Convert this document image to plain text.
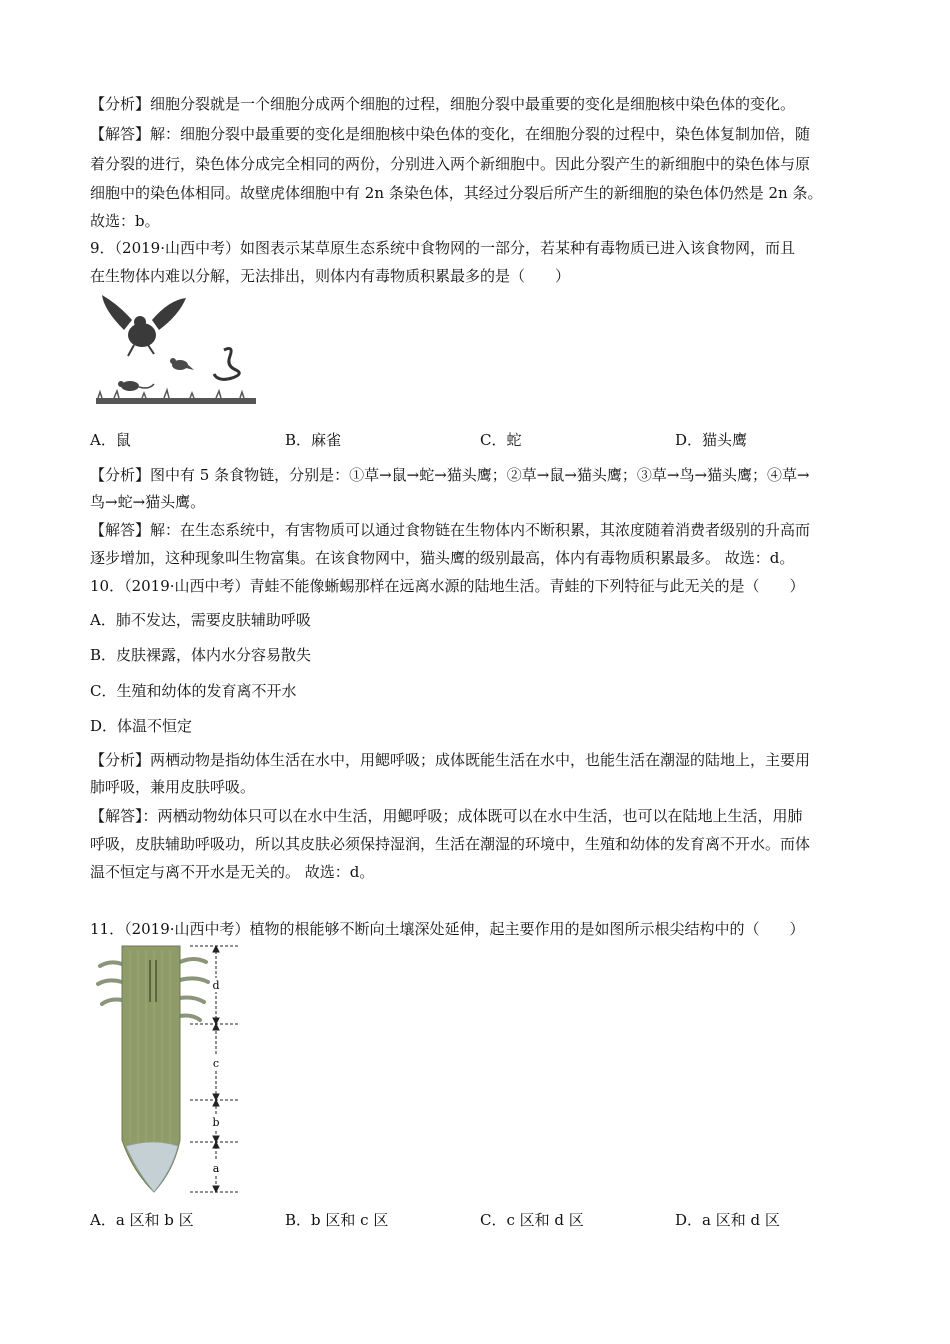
【分析】细胞分裂就是一个细胞分成两个细胞的过程，细胞分裂中最重要的变化是细胞核中染色体的变化。
【解答】解：细胞分裂中最重要的变化是细胞核中染色体的变化，在细胞分裂的过程中，染色体复制加倍，随
着分裂的进行，染色体分成完全相同的两份，分别进入两个新细胞中。因此分裂产生的新细胞中的染色体与原
细胞中的染色体相同。故壁虎体细胞中有 2n 条染色体，其经过分裂后所产生的新细胞的染色体仍然是 2n 条。
故选：b。
9．（2019·山西中考）如图表示某草原生态系统中食物网的一部分，若某种有毒物质已进入该食物网，而且
在生物体内难以分解，无法排出，则体内有毒物质积累最多的是（　　）
A．鼠	B．麻雀	C．蛇	D．猫头鹰
【分析】图中有 5 条食物链，分别是：①草→鼠→蛇→猫头鹰；②草→鼠→猫头鹰；③草→鸟→猫头鹰；④草→
鸟→蛇→猫头鹰。
【解答】解：在生态系统中，有害物质可以通过食物链在生物体内不断积累，其浓度随着消费者级别的升高而
逐步增加，这种现象叫生物富集。在该食物网中，猫头鹰的级别最高，体内有毒物质积累最多。 故选：d。
10．（2019·山西中考）青蛙不能像蜥蜴那样在远离水源的陆地生活。青蛙的下列特征与此无关的是（　　）
A．肺不发达，需要皮肤辅助呼吸
B．皮肤裸露，体内水分容易散失
C．生殖和幼体的发育离不开水
D．体温不恒定
【分析】两栖动物是指幼体生活在水中，用鳃呼吸；成体既能生活在水中，也能生活在潮湿的陆地上，主要用
肺呼吸，兼用皮肤呼吸。
【解答】：两栖动物幼体只可以在水中生活，用鳃呼吸；成体既可以在水中生活，也可以在陆地上生活，用肺
呼吸，皮肤辅助呼吸功，所以其皮肤必须保持湿润，生活在潮湿的环境中，生殖和幼体的发育离不开水。而体
温不恒定与离不开水是无关的。 故选：d。
11．（2019·山西中考）植物的根能够不断向土壤深处延伸，起主要作用的是如图所示根尖结构中的（　　）
d
c
b
a
A．a 区和 b 区	B．b 区和 c 区	C．c 区和 d 区	D．a 区和 d 区
